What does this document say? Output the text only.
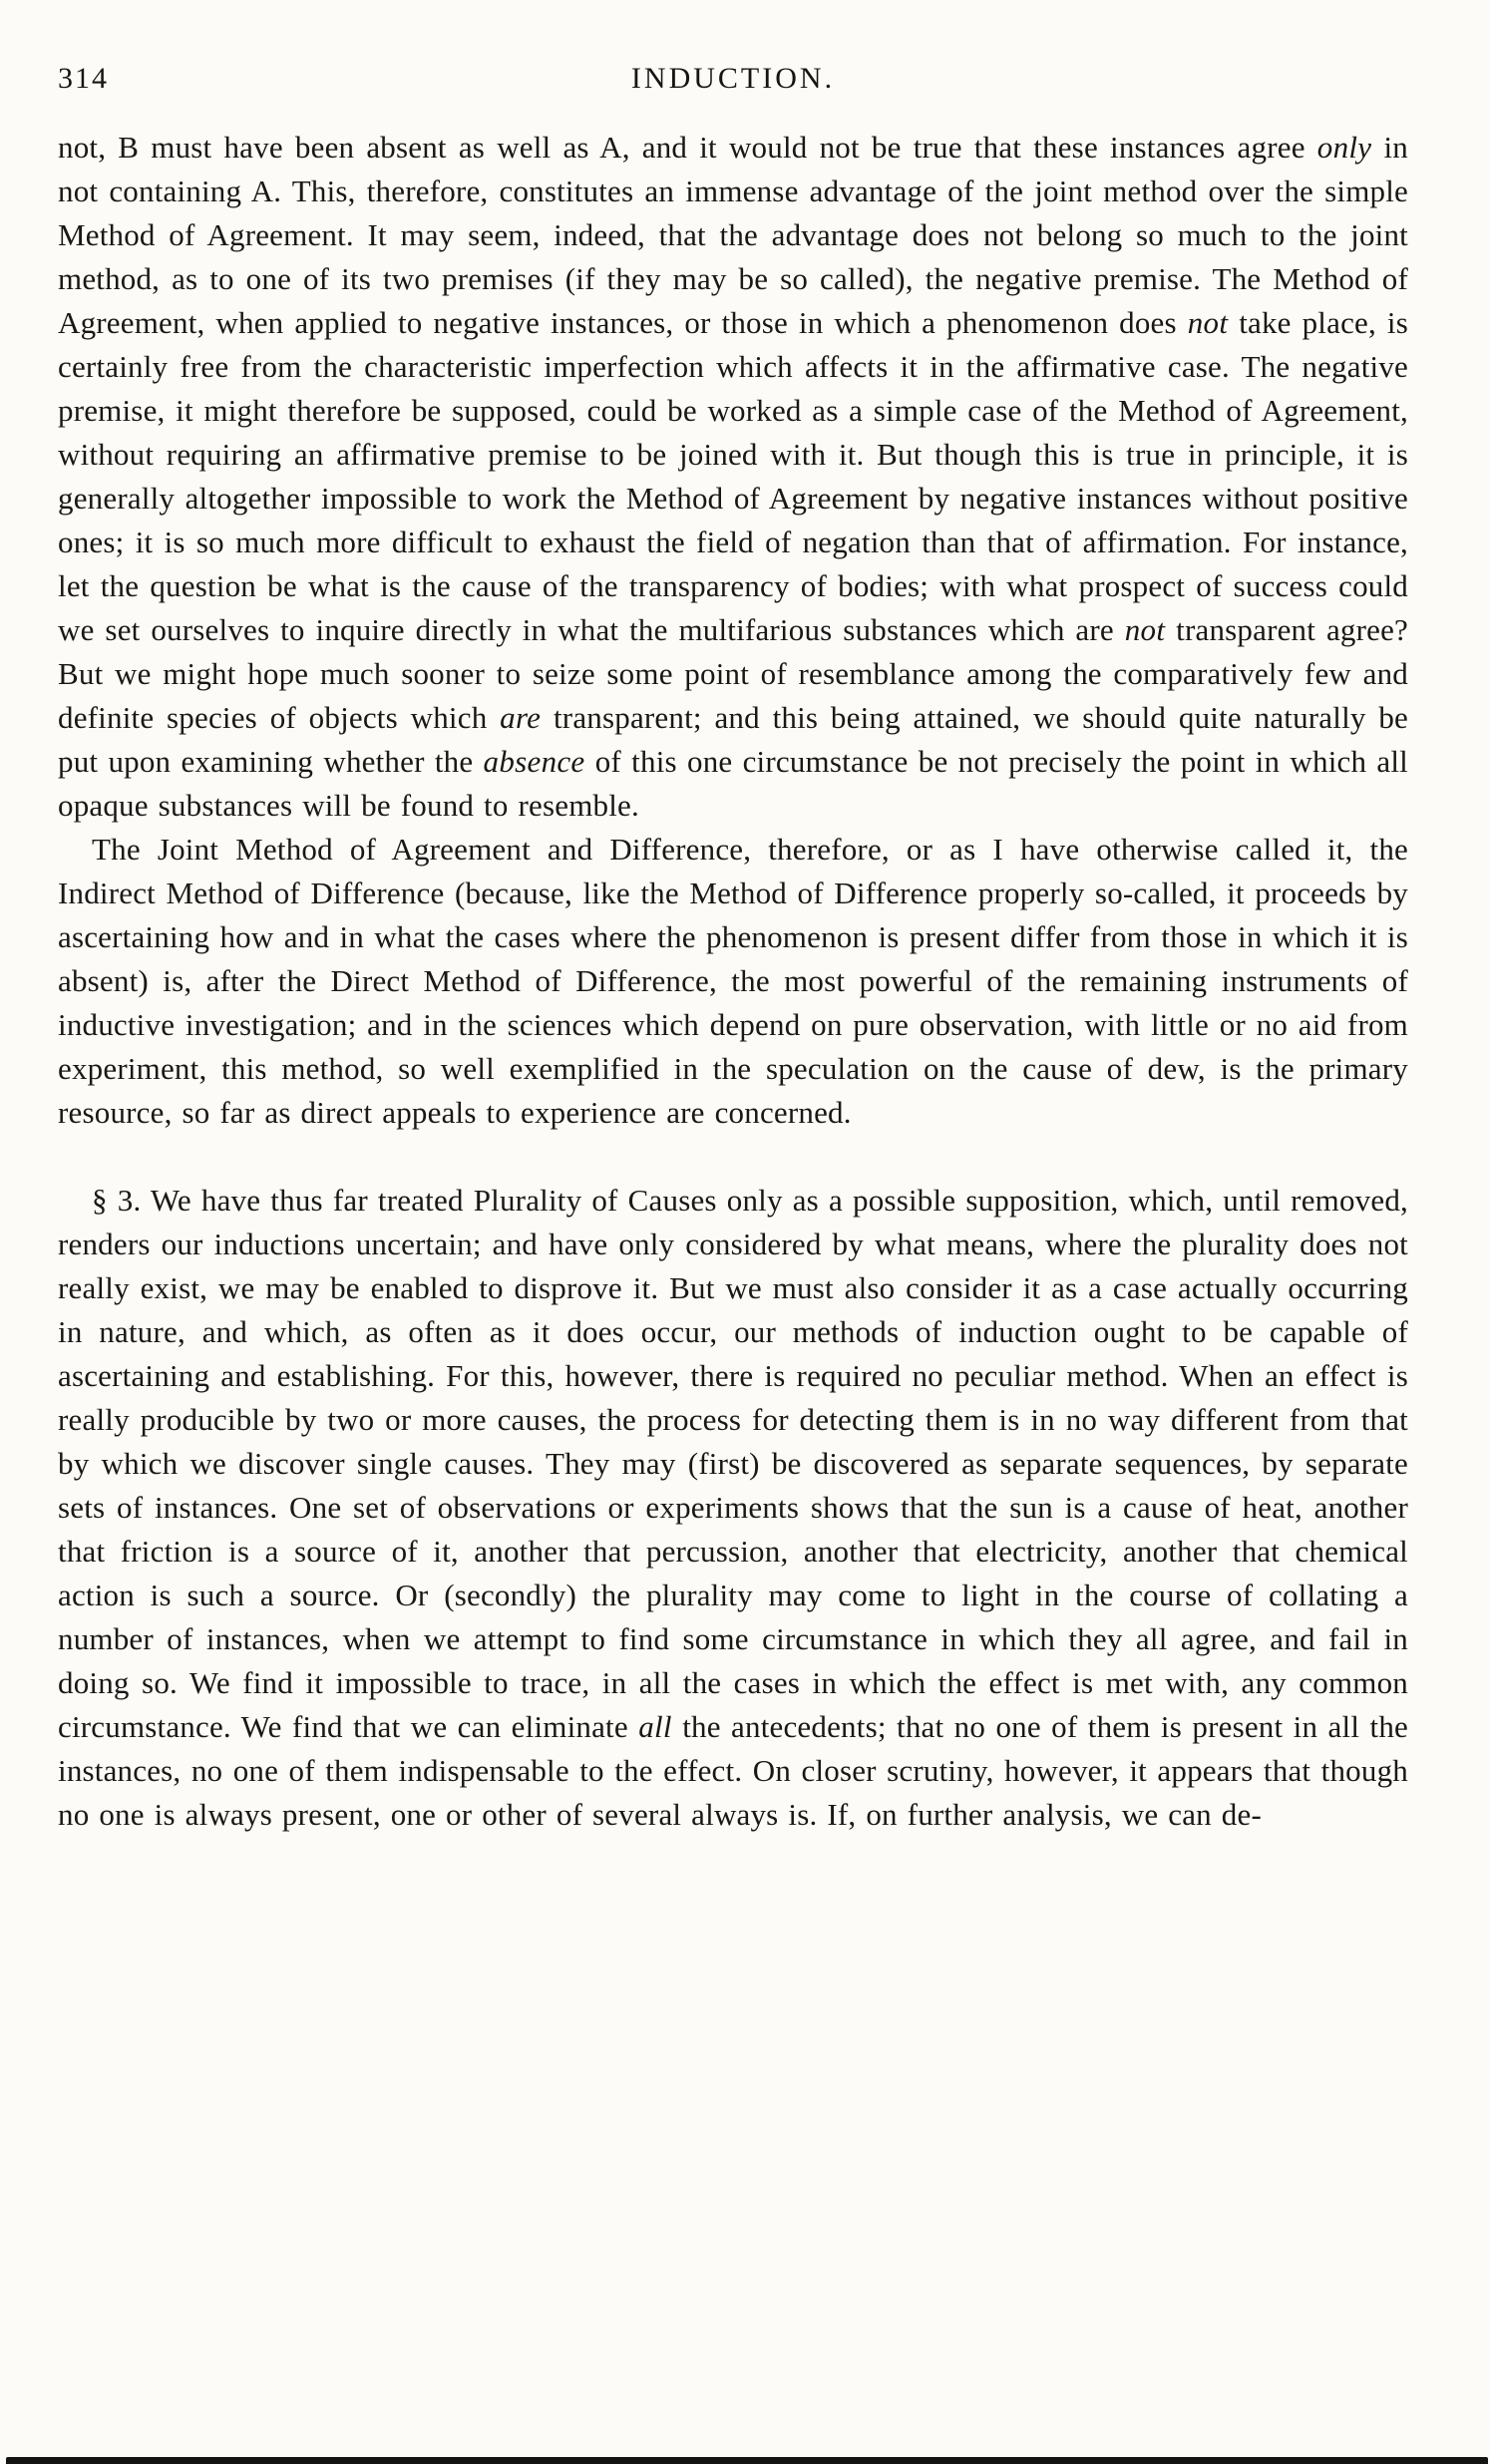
314	INDUCTION.

not, B must have been absent as well as A, and it would not be true that these instances agree only in not containing A. This, therefore, constitutes an immense advantage of the joint method over the simple Method of Agreement. It may seem, indeed, that the advantage does not belong so much to the joint method, as to one of its two premises (if they may be so called), the negative premise. The Method of Agreement, when applied to negative instances, or those in which a phenomenon does not take place, is certainly free from the characteristic imperfection which affects it in the affirmative case. The negative premise, it might therefore be supposed, could be worked as a simple case of the Method of Agreement, without requiring an affirmative premise to be joined with it. But though this is true in principle, it is generally altogether impossible to work the Method of Agreement by negative instances without positive ones; it is so much more difficult to exhaust the field of negation than that of affirmation. For instance, let the question be what is the cause of the transparency of bodies; with what prospect of success could we set ourselves to inquire directly in what the multifarious substances which are not transparent agree? But we might hope much sooner to seize some point of resemblance among the comparatively few and definite species of objects which are transparent; and this being attained, we should quite naturally be put upon examining whether the absence of this one circumstance be not precisely the point in which all opaque substances will be found to resemble.

The Joint Method of Agreement and Difference, therefore, or as I have otherwise called it, the Indirect Method of Difference (because, like the Method of Difference properly so-called, it proceeds by ascertaining how and in what the cases where the phenomenon is present differ from those in which it is absent) is, after the Direct Method of Difference, the most powerful of the remaining instruments of inductive investigation; and in the sciences which depend on pure observation, with little or no aid from experiment, this method, so well exemplified in the speculation on the cause of dew, is the primary resource, so far as direct appeals to experience are concerned.

§ 3. We have thus far treated Plurality of Causes only as a possible supposition, which, until removed, renders our inductions uncertain; and have only considered by what means, where the plurality does not really exist, we may be enabled to disprove it. But we must also consider it as a case actually occurring in nature, and which, as often as it does occur, our methods of induction ought to be capable of ascertaining and establishing. For this, however, there is required no peculiar method. When an effect is really producible by two or more causes, the process for detecting them is in no way different from that by which we discover single causes. They may (first) be discovered as separate sequences, by separate sets of instances. One set of observations or experiments shows that the sun is a cause of heat, another that friction is a source of it, another that percussion, another that electricity, another that chemical action is such a source. Or (secondly) the plurality may come to light in the course of collating a number of instances, when we attempt to find some circumstance in which they all agree, and fail in doing so. We find it impossible to trace, in all the cases in which the effect is met with, any common circumstance. We find that we can eliminate all the antecedents; that no one of them is present in all the instances, no one of them indispensable to the effect. On closer scrutiny, however, it appears that though no one is always present, one or other of several always is. If, on further analysis, we can de-
